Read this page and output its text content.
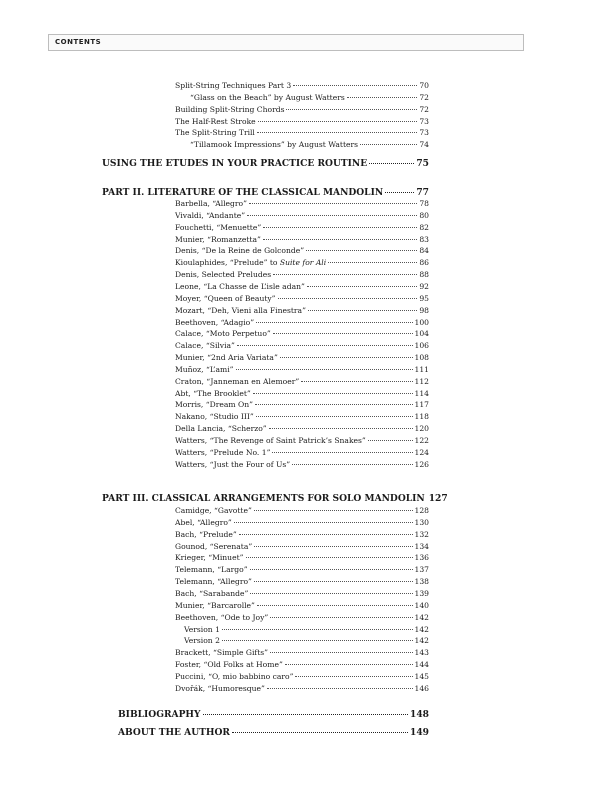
CONTENTS
Split-String Techniques Part 3	70
“Glass on the Beach” by August Watters	72
Building Split-String Chords	72
The Half-Rest Stroke	73
The Split-String Trill	73
“Tillamook Impressions” by August Watters	74
USING THE ETUDES IN YOUR PRACTICE ROUTINE	75
PART II. LITERATURE OF THE CLASSICAL MANDOLIN	77
Barbella, “Allegro”	78
Vivaldi, “Andante”	80
Fouchetti, “Menuette”	82
Munier, “Romanzetta”	83
Denis, “De la Reine de Golconde”	84
Kioulaphides, “Prelude” to Suite for Ali	86
Denis, Selected Preludes	88
Leone, “La Chasse de L’isle adan”	92
Moyer, “Queen of Beauty”	95
Mozart, “Deh, Vieni alla Finestra”	98
Beethoven, “Adagio”	100
Calace, “Moto Perpetuo”	104
Calace, “Silvia”	106
Munier, “2nd Aria Variata”	108
Muñoz, “L’ami”	111
Craton, “Janneman en Alemoer”	112
Abt, “The Brooklet”	114
Morris, “Dream On”	117
Nakano, “Studio III”	118
Della Lancia, “Scherzo”	120
Watters, “The Revenge of Saint Patrick’s Snakes”	122
Watters, “Prelude No. 1”	124
Watters, “Just the Four of Us”	126
PART III. CLASSICAL ARRANGEMENTS FOR SOLO MANDOLIN 127
Camidge, “Gavotte”	128
Abel, “Allegro”	130
Bach, “Prelude”	132
Gounod, “Serenata”	134
Krieger, “Minuet”	136
Telemann, “Largo”	137
Telemann, “Allegro”	138
Bach, “Sarabande”	139
Munier, “Barcarolle”	140
Beethoven, “Ode to Joy”	142
Version 1	142
Version 2	142
Brackett, “Simple Gifts”	143
Foster, “Old Folks at Home”	144
Puccini, “O, mio babbino caro”	145
Dvořák, “Humoresque”	146
BIBLIOGRAPHY	148
ABOUT THE AUTHOR	149
